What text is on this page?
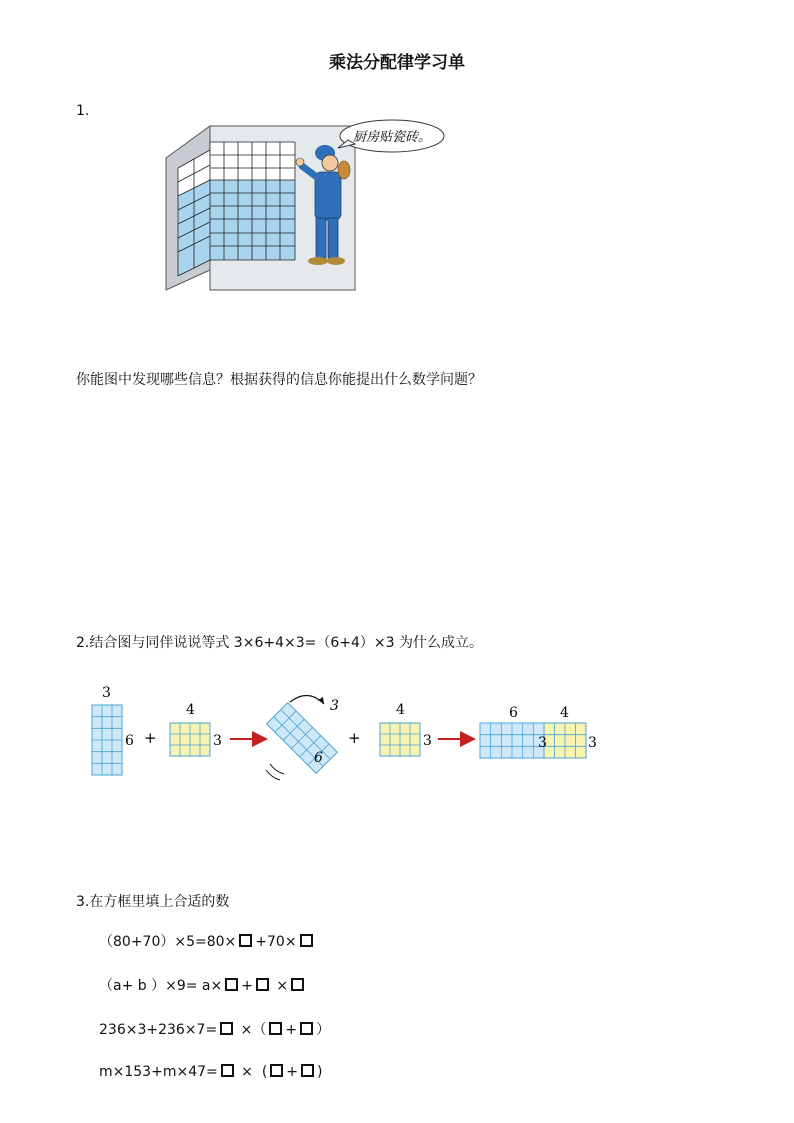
乘法分配律学习单
1.
厨房贴瓷砖。
你能图中发现哪些信息？根据获得的信息你能提出什么数学问题？
2.结合图与同伴说说等式 3×6+4×3=（6+4）×3 为什么成立。
3
6 +
4
3
3
6
+
4
3
6	4
3	3
3.在方框里填上合适的数
（80+70）×5=80× +70×
（a+ b ）×9= a× + ×
236×3+236×7= ×（ + ）
m×153+m×47= ×  ( + )
